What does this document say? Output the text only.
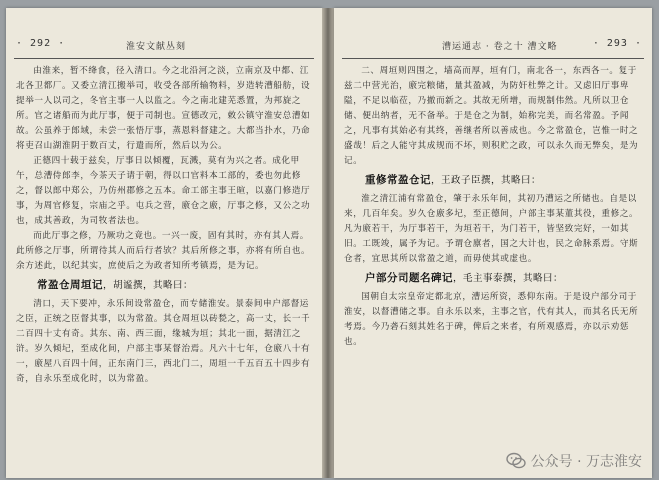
· 292 ·	淮安文献丛刻

由淮来，暂不绛食，径入清口。今之北沿河之淡，立南京及中都、江北各卫都厂。又委立清江搬举司，收受各部所输物料，岁造转漕船舫，设提举一人以司之，冬官主事一人以监之。今之南北建芜悉置，为邦旋之所。官之诸船而为此厅事，便于司制也。宣德改元，敕公镇守淮安总漕如故。公虽养于郎域，未尝一张悟厅事，蒸恩料督建之。大都当扑水，乃命将吏召山湖淮阴于数百丈，行遣而所，然后以为公。

正德四十载于兹矣，厅事日以倾覆，瓦溅，莫有为兴之者。成化甲午，总漕侍郎李，今茶天子请于朝，得以口官料本工部的，委也勿此修之，督以郎中郑公，乃仿州郡修之五本。命工部主事王暄，以嘉门修造厅事，为周官修复，宗庙之乎。屯兵之营，廒仓之廒，厅事之修，又公之功也，成其善政，为司牧者法也。

而此厅事之修，乃厥功之竟也。一兴一废，固有其时，亦有其人焉。此所修之厅事，所谓待其人而后行者欤？其后所修之事，亦将有所自也。余方述此，以纪其实，庶使后之为政者知所考镇焉，是为记。

常盈仓周垣记，胡谧撰，其略曰：

清口，天下要冲，永乐间设常盈仓，而专储淮安。景泰间申户部督运之臣，正统之臣督其事，以为常盈。其仓周垣以砖甃之，高一丈，长一千二百四十丈有奇。其东、南、西三面，缘城为垣；其北一面，据清江之浒。岁久倾圮，至成化间，户部主事某督治焉。凡六十七年，仓廒八十有一，廒屋八百四十间，正东南门三，西北门二，周垣一千五百五十四步有奇，自永乐至成化时，以为常盈。

漕运通志 · 卷之十 漕文略	· 293 ·

二、周垣则四围之，墙高而厚，垣有门，南北各一，东西各一。复于兹二中营光治，廒完粮储，量其盈减，为防奸杜弊之计。又虑旧厅事卑隘，不足以临莅，乃撤而新之。其故无所增，而规制伟然。凡所以卫仓储、便出纳者，无不备举。于是仓之为制，始称完美，而名常盈。予闻之，凡事有其始必有其终，善继者所以善成也。今之常盈仓，岂惟一时之盛哉！后之人能守其成规而不坏，则积贮之政，可以永久而无弊矣，是为记。

重修常盈仓记，王政子臣撰，其略曰：

淮之清江浦有常盈仓，肇于永乐年间，其初乃漕运之所储也。自是以来，几百年矣。岁久仓廒多圮，至正德间，户部主事某董其役，重修之。凡为廒若干，为厅事若干，为垣若干，为门若干，皆坚致完好，一如其旧。工既竣，属予为记。予谓仓廪者，国之大计也，民之命脉系焉。守斯仓者，宜思其所以常盈之道，而毋使其或虚也。

户部分司题名碑记，毛主事泰撰，其略曰：

国朝自太宗皇帝定都北京，漕运所资，悉仰东南。于是设户部分司于淮安，以督漕储之事。自永乐以来，主事之官，代有其人，而其名氏无所考焉。今乃砻石刻其姓名于碑，俾后之来者，有所观感焉，亦以示劝惩也。

公众号 · 万志淮安
